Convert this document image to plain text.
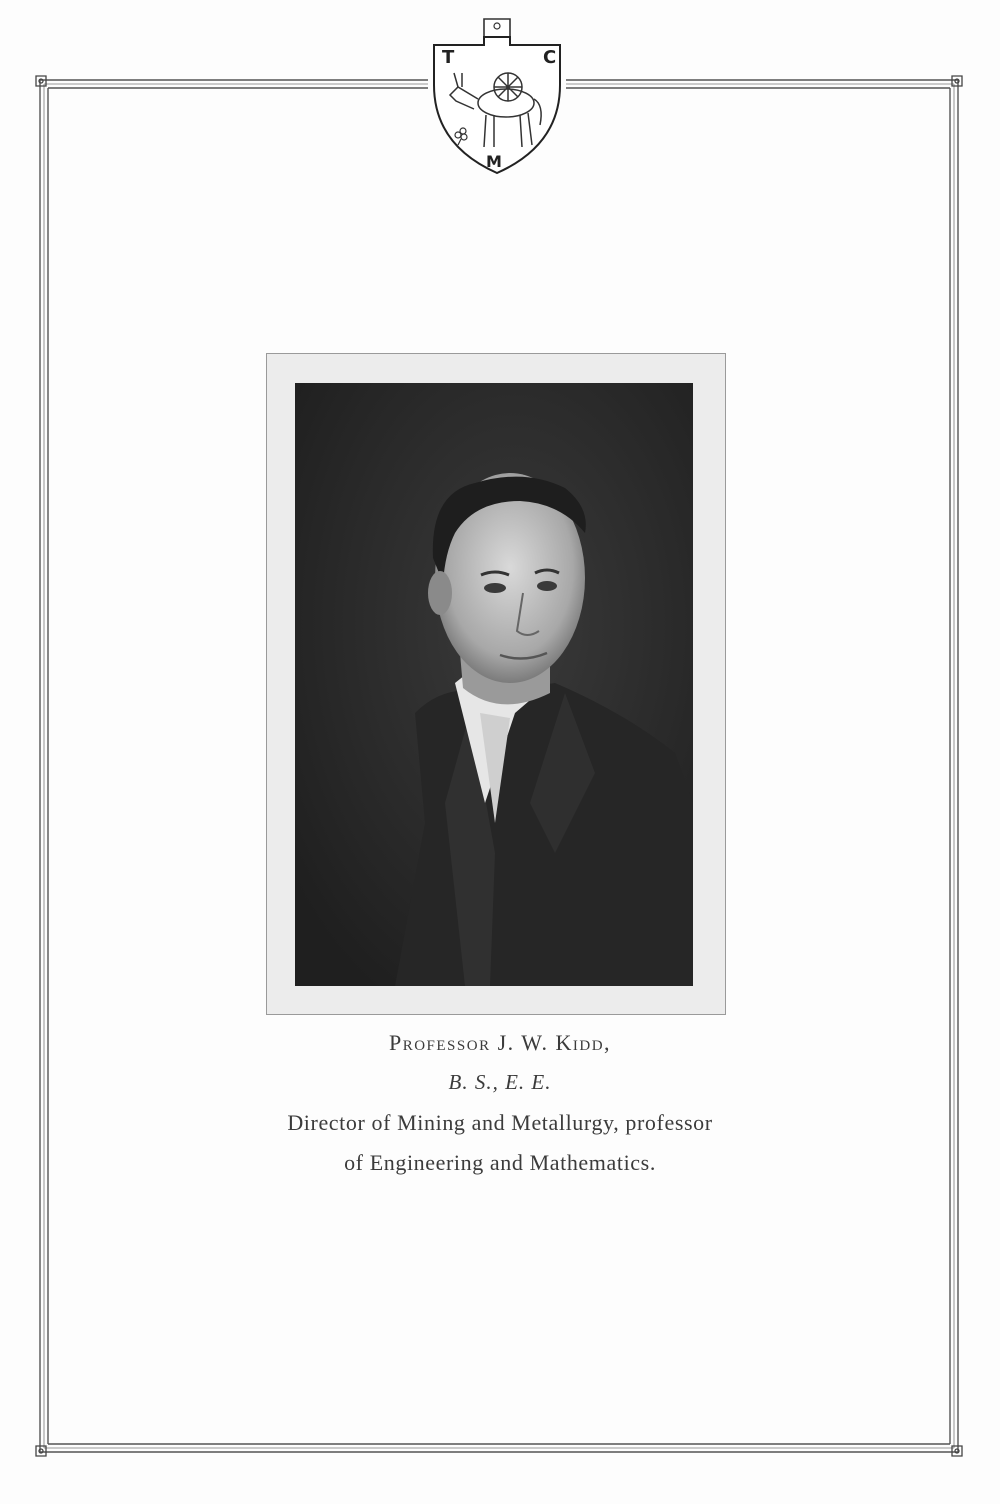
T	C
M
Professor J. W. Kidd,
B. S., E. E.
Director of Mining and Metallurgy, professor
of Engineering and Mathematics.
